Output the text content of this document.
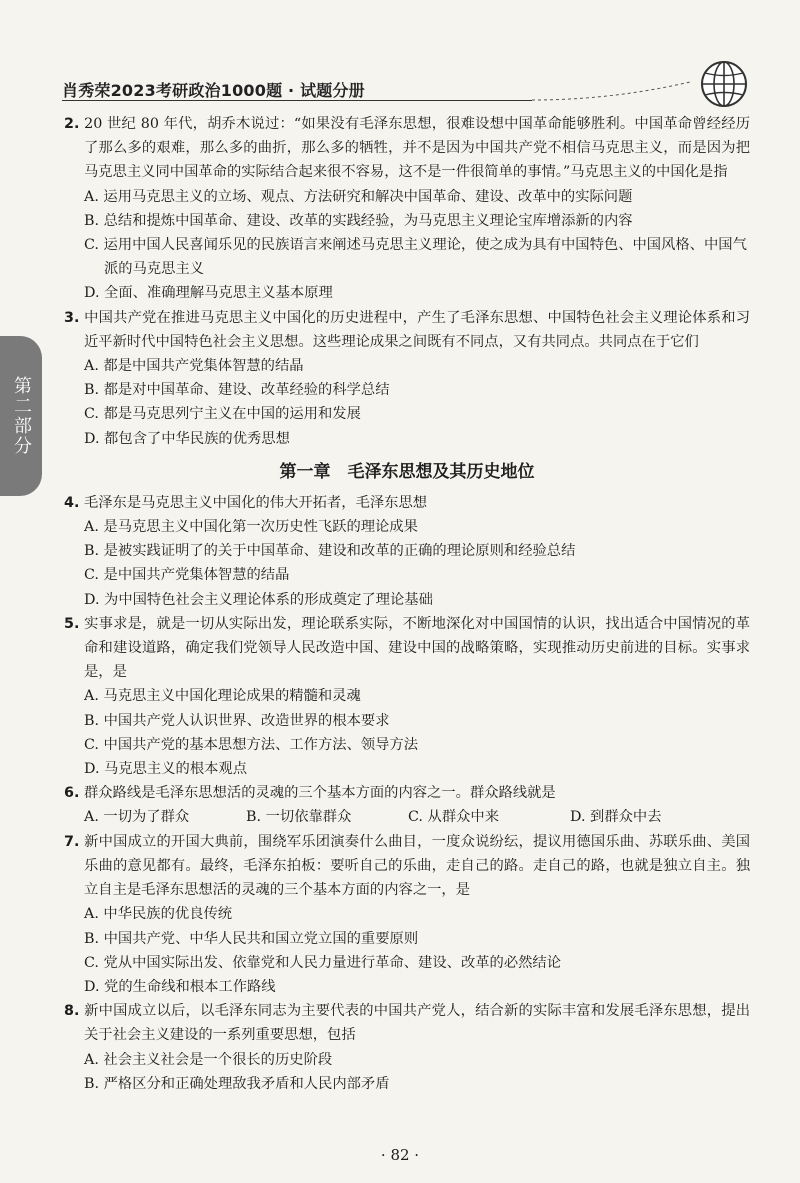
肖秀荣2023考研政治1000题 · 试题分册
第二部分

2. 20 世纪 80 年代，胡乔木说过：“如果没有毛泽东思想，很难设想中国革命能够胜利。中国革命曾经经历了那么多的艰难，那么多的曲折，那么多的牺牲，并不是因为中国共产党不相信马克思主义，而是因为把马克思主义同中国革命的实际结合起来很不容易，这不是一件很简单的事情。”马克思主义的中国化是指

A. 运用马克思主义的立场、观点、方法研究和解决中国革命、建设、改革中的实际问题

B. 总结和提炼中国革命、建设、改革的实践经验，为马克思主义理论宝库增添新的内容

C. 运用中国人民喜闻乐见的民族语言来阐述马克思主义理论，使之成为具有中国特色、中国风格、中国气派的马克思主义

D. 全面、准确理解马克思主义基本原理

3. 中国共产党在推进马克思主义中国化的历史进程中，产生了毛泽东思想、中国特色社会主义理论体系和习近平新时代中国特色社会主义思想。这些理论成果之间既有不同点，又有共同点。共同点在于它们

A. 都是中国共产党集体智慧的结晶

B. 都是对中国革命、建设、改革经验的科学总结

C. 都是马克思列宁主义在中国的运用和发展

D. 都包含了中华民族的优秀思想

第一章　毛泽东思想及其历史地位

4. 毛泽东是马克思主义中国化的伟大开拓者，毛泽东思想

A. 是马克思主义中国化第一次历史性飞跃的理论成果

B. 是被实践证明了的关于中国革命、建设和改革的正确的理论原则和经验总结

C. 是中国共产党集体智慧的结晶

D. 为中国特色社会主义理论体系的形成奠定了理论基础

5. 实事求是，就是一切从实际出发，理论联系实际，不断地深化对中国国情的认识，找出适合中国情况的革命和建设道路，确定我们党领导人民改造中国、建设中国的战略策略，实现推动历史前进的目标。实事求是，是

A. 马克思主义中国化理论成果的精髓和灵魂

B. 中国共产党人认识世界、改造世界的根本要求

C. 中国共产党的基本思想方法、工作方法、领导方法

D. 马克思主义的根本观点

6. 群众路线是毛泽东思想活的灵魂的三个基本方面的内容之一。群众路线就是

A. 一切为了群众	B. 一切依靠群众	C. 从群众中来	D. 到群众中去

7. 新中国成立的开国大典前，围绕军乐团演奏什么曲目，一度众说纷纭，提议用德国乐曲、苏联乐曲、美国乐曲的意见都有。最终，毛泽东拍板：要听自己的乐曲，走自己的路。走自己的路，也就是独立自主。独立自主是毛泽东思想活的灵魂的三个基本方面的内容之一，是

A. 中华民族的优良传统

B. 中国共产党、中华人民共和国立党立国的重要原则

C. 党从中国实际出发、依靠党和人民力量进行革命、建设、改革的必然结论

D. 党的生命线和根本工作路线

8. 新中国成立以后，以毛泽东同志为主要代表的中国共产党人，结合新的实际丰富和发展毛泽东思想，提出关于社会主义建设的一系列重要思想，包括

A. 社会主义社会是一个很长的历史阶段

B. 严格区分和正确处理敌我矛盾和人民内部矛盾

· 82 ·
